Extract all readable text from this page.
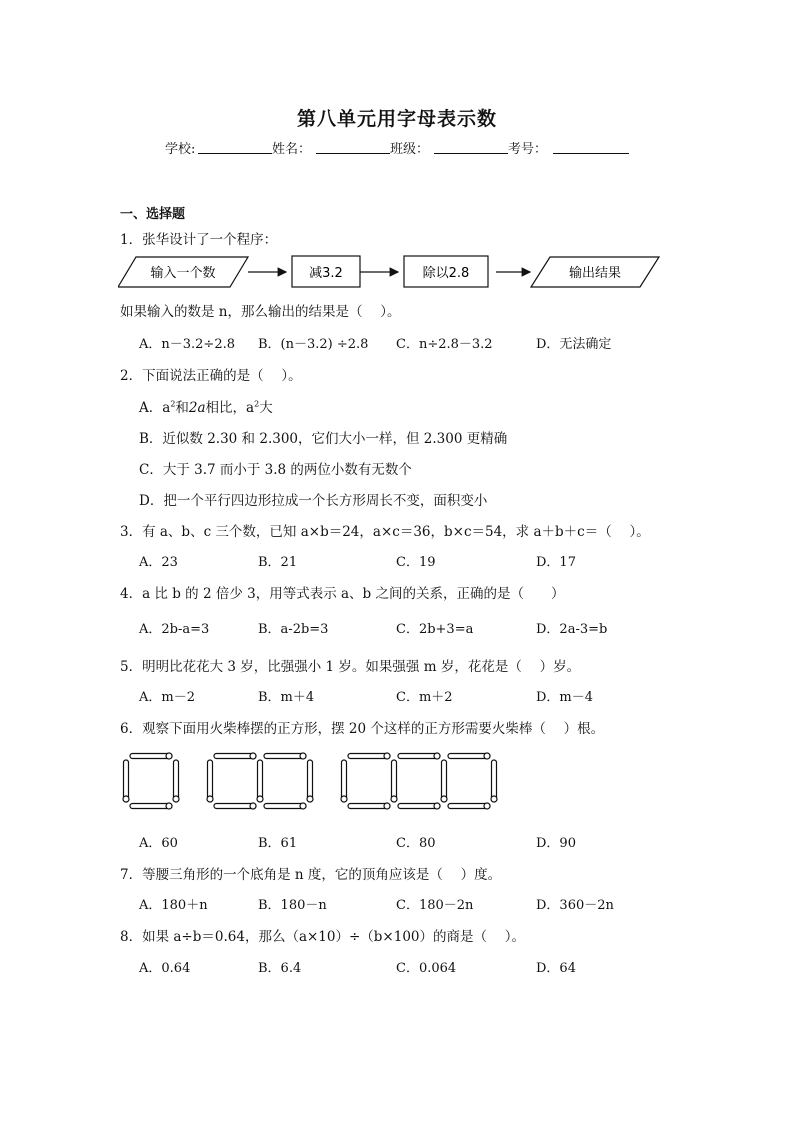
第八单元用字母表示数
学校:	姓名：	班级：	考号：
一、选择题
1．张华设计了一个程序：
输入一个数	减3.2	除以2.8	输出结果
如果输入的数是 n，那么输出的结果是（　 ）。
A．n－3.2÷2.8 B．(n－3.2) ÷2.8 C．n÷2.8－3.2	D．无法确定
2．下面说法正确的是（　 ）。
A．$a^2$和2a相比，$a^2$大
B．近似数 2.30 和 2.300，它们大小一样，但 2.300 更精确
C．大于 3.7 而小于 3.8 的两位小数有无数个
D．把一个平行四边形拉成一个长方形周长不变，面积变小
3．有 a、b、c 三个数，已知 a×b＝24，a×c＝36，b×c＝54，求 a＋b＋c＝（　 ）。
A．23	B．21	C．19	D．17
4．a 比 b 的 2 倍少 3，用等式表示 a、b 之间的关系，正确的是（　　）
A．2b-a=3	B．a-2b=3	C．2b+3=a	D．2a-3=b
5．明明比花花大 3 岁，比强强小 1 岁。如果强强 m 岁，花花是（　 ）岁。
A．m－2	B．m＋4	C．m＋2	D．m－4
6．观察下面用火柴棒摆的正方形，摆 20 个这样的正方形需要火柴棒（　 ）根。
A．60	B．61	C．80	D．90
7．等腰三角形的一个底角是 n 度，它的顶角应该是（　 ）度。
A．180＋n	B．180－n	C．180－2n	D．360－2n
8．如果 a÷b＝0.64，那么（a×10）÷（b×100）的商是（　 ）。
A．0.64	B．6.4	C．0.064	D．64
